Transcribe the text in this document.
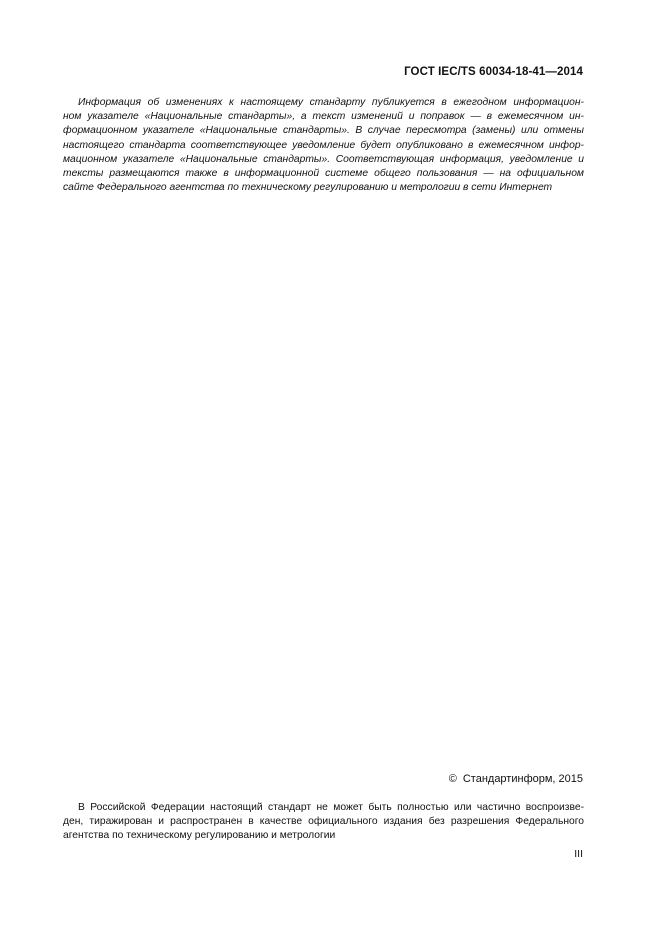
ГОСТ IEC/TS 60034-18-41—2014
Информация об изменениях к настоящему стандарту публикуется в ежегодном информацион-
ном указателе «Национальные стандарты», а текст изменений и поправок — в ежемесячном ин-
формационном указателе «Национальные стандарты». В случае пересмотра (замены) или отмены
настоящего стандарта соответствующее уведомление будет опубликовано в ежемесячном инфор-
мационном указателе «Национальные стандарты». Соответствующая информация, уведомление и
тексты размещаются также в информационной системе общего пользования — на официальном
сайте Федерального агентства по техническому регулированию и метрологии в сети Интернет
© Стандартинформ, 2015
В Российской Федерации настоящий стандарт не может быть полностью или частично воспроизве-
ден, тиражирован и распространен в качестве официального издания без разрешения Федерального
агентства по техническому регулированию и метрологии
III
